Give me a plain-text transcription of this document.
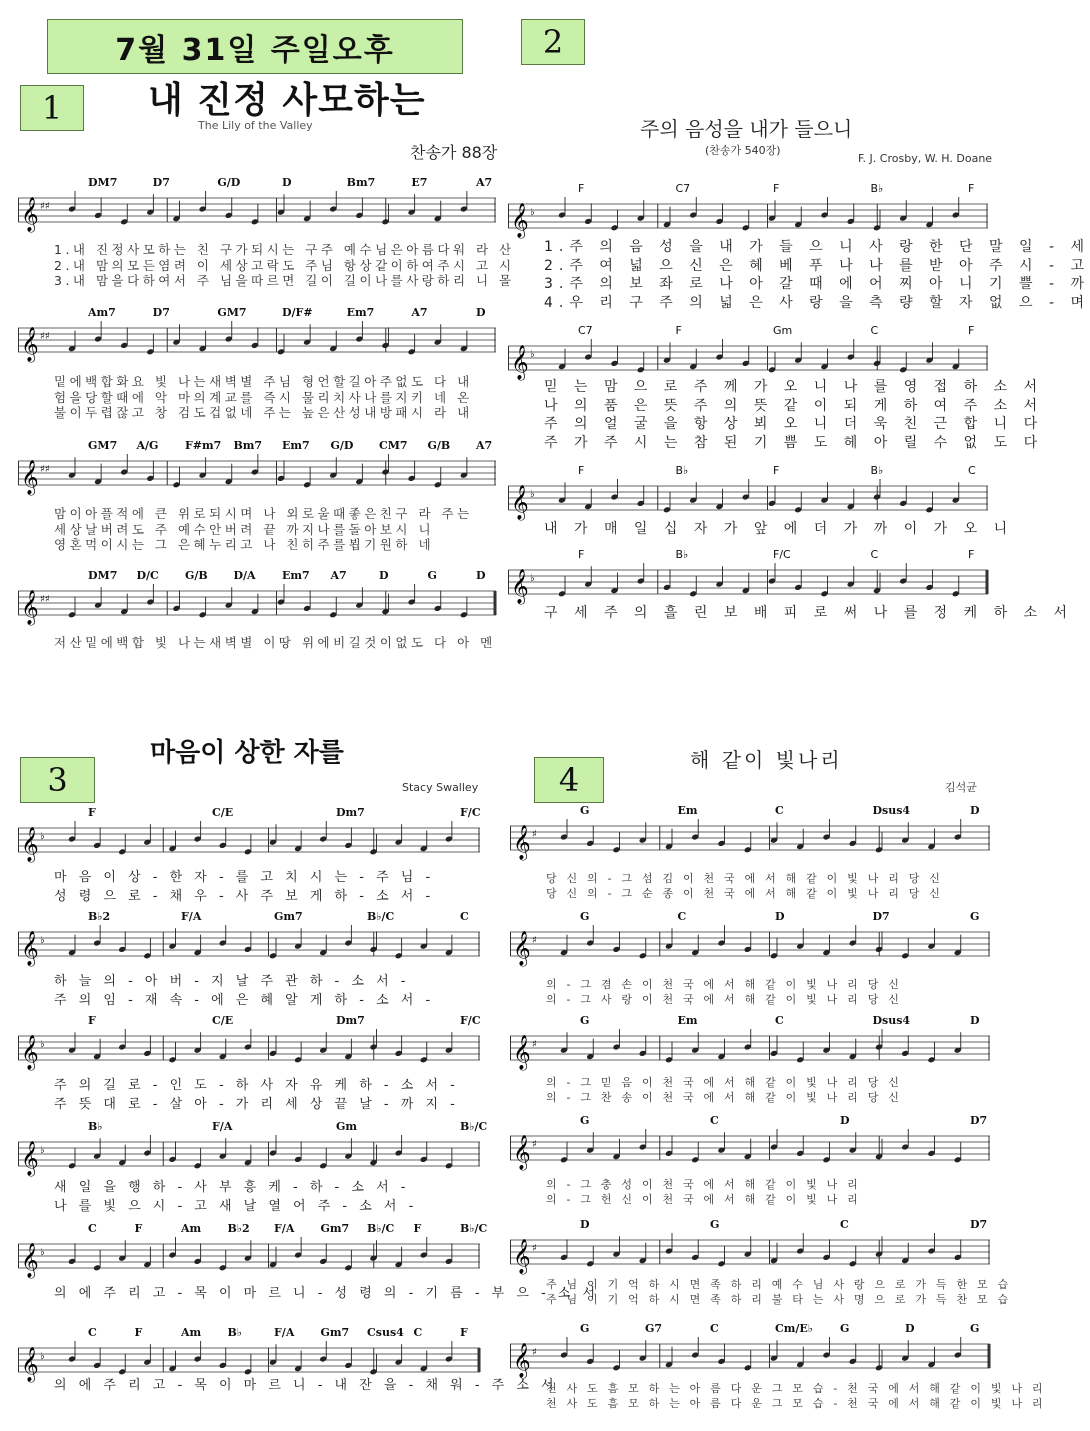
7월 31일 주일오후	2
1
3	4
내 진정 사모하는
The Lily of the Valley
찬송가 88장
주의 음성을 내가 들으니
(찬송가 540장)
F. J. Crosby, W. H. Doane
마음이 상한 자를
Stacy Swalley
해 같이 빛나리
김석균
DM7	D7	G/D	D	Bm7	E7	A7
𝄞 ♯♯
1.내 진정사모하는 친 구가되시는 구주 예수님은아름다워 라 산
2.내 맘의모든염려 이 세상고락도 주님 항상같이하여주시 고 시
3.내 맘을다하여서 주 님을따르면 길이 길이나를사랑하리 니 몰
Am7	D7	GM7	D/F#	Em7	A7	D
𝄞 ♯♯
밑에백합화요 빛 나는새벽별 주님 형언할길아주없도 다 내
험을당할때에 악 마의계교를 즉시 물리치사나를지키 네 온
불이두렵잖고 창 검도겁없네 주는 높은산성내방패시 라 내
GM7 A/G F#m7 Bm7 Em7 G/D CM7 G/B A7
𝄞 ♯♯
맘이아플적에 큰 위로되시며 나 외로울때좋은친구 라 주는
세상날버려도 주 예수안버려 끝 까지나를돌아보시 니
영혼먹이시는 그 은혜누리고 나 친히주를뵙기원하 네
DM7 D/C G/B D/A Em7 A7	D	G	D
𝄞 ♯♯
저산밑에백합 빛 나는새벽별 이땅 위에비길것이없도 다 아 멘
F	C7	F	B♭	F
𝄞 ♭
1.주 의 음 성 을 내 가 들 으 니 사 랑 한 단 말 일 - 세
2.주 여 넓 으 신 은 혜 베 푸 나 나 를 받 아 주 시 - 고
3.주 의 보 좌 로 나 아 갈 때 에 어 찌 아 니 기 쁠 - 까
4.우 리 구 주 의 넓 은 사 랑 을 측 량 할 자 없 으 - 며
C7	F	Gm	C	F
𝄞 ♭
믿 는 맘 으 로 주 께 가 오 니 나 를 영 접 하 소 서
나 의 품 은 뜻 주 의 뜻 같 이 되 게 하 여 주 소 서
주 의 얼 굴 을 항 상 뵈 오 니 더 욱 친 근 합 니 다
주 가 주 시 는 참 된 기 쁨 도 헤 아 릴 수 없 도 다
F	B♭	F	B♭	C
𝄞 ♭
내 가 매 일 십 자 가 앞 에 더 가 까 이 가 오 니
F	B♭	F/C	C	F
𝄞 ♭
구 세 주 의 흘 린 보 배 피 로 써 나 를 정 케 하 소 서
F	C/E	Dm7	F/C
𝄞 ♭
마 음 이 상 - 한 자 - 를 고 치 시 는 - 주 님 -
성 령 으 로 - 채 우 - 사 주 보 게 하 - 소 서 -
B♭2	F/A	Gm7	B♭/C	C
𝄞 ♭
하 늘 의 - 아 버 - 지 날 주 관 하 - 소 서 -
주 의 임 - 재 속 - 에 은 혜 알 게 하 - 소 서 -
F	C/E	Dm7	F/C
𝄞 ♭
주 의 길 로 - 인 도 - 하 사 자 유 케 하 - 소 서 -
주 뜻 대 로 - 살 아 - 가 리 세 상 끝 날 - 까 지 -
B♭	F/A	Gm	B♭/C
𝄞 ♭
새 일 을 행 하 - 사 부 흥 케 - 하 - 소 서 -
나 를 빛 으 시 - 고 새 날 열 어 주 - 소 서 -
C	F	Am B♭2 F/A Gm7 B♭/C F	B♭/C
𝄞 ♭
의 에 주 리 고 - 목 이 마 르 니 - 성 령 의 - 기 름 - 부 으 - 소 서
C	F	Am B♭	F/A Gm7 Csus4 C	F
𝄞 ♭
의 에 주 리 고 - 목 이 마 르 니 - 내 잔 을 - 채 워 - 주 소 서
G	Em	C	Dsus4	D
𝄞 ♯
당 신 의 - 그 섬 김 이 천 국 에 서 해 같 이 빛 나 리 당 신
당 신 의 - 그 순 종 이 천 국 에 서 해 같 이 빛 나 리 당 신
G	C	D	D7	G
𝄞 ♯
의 - 그 겸 손 이 천 국 에 서 해 같 이 빛 나 리 당 신
의 - 그 사 랑 이 천 국 에 서 해 같 이 빛 나 리 당 신
G	Em	C	Dsus4	D
𝄞 ♯
의 - 그 믿 음 이 천 국 에 서 해 같 이 빛 나 리 당 신
의 - 그 찬 송 이 천 국 에 서 해 같 이 빛 나 리 당 신
G	C	D	D7
𝄞 ♯
의 - 그 충 성 이 천 국 에 서 해 같 이 빛 나 리
의 - 그 헌 신 이 천 국 에 서 해 같 이 빛 나 리
D	G	C	D7
𝄞 ♯
주 님 이 기 억 하 시 면 족 하 리 예 수 님 사 랑 으 로 가 득 한 모 습
주 님 이 기 억 하 시 면 족 하 리 불 타 는 사 명 으 로 가 득 찬 모 습
G	G7	C	Cm/E♭ G	D	G
𝄞 ♯
천 사 도 흠 모 하 는 아 름 다 운 그 모 습 - 천 국 에 서 해 같 이 빛 나 리
천 사 도 흠 모 하 는 아 름 다 운 그 모 습 - 천 국 에 서 해 같 이 빛 나 리
